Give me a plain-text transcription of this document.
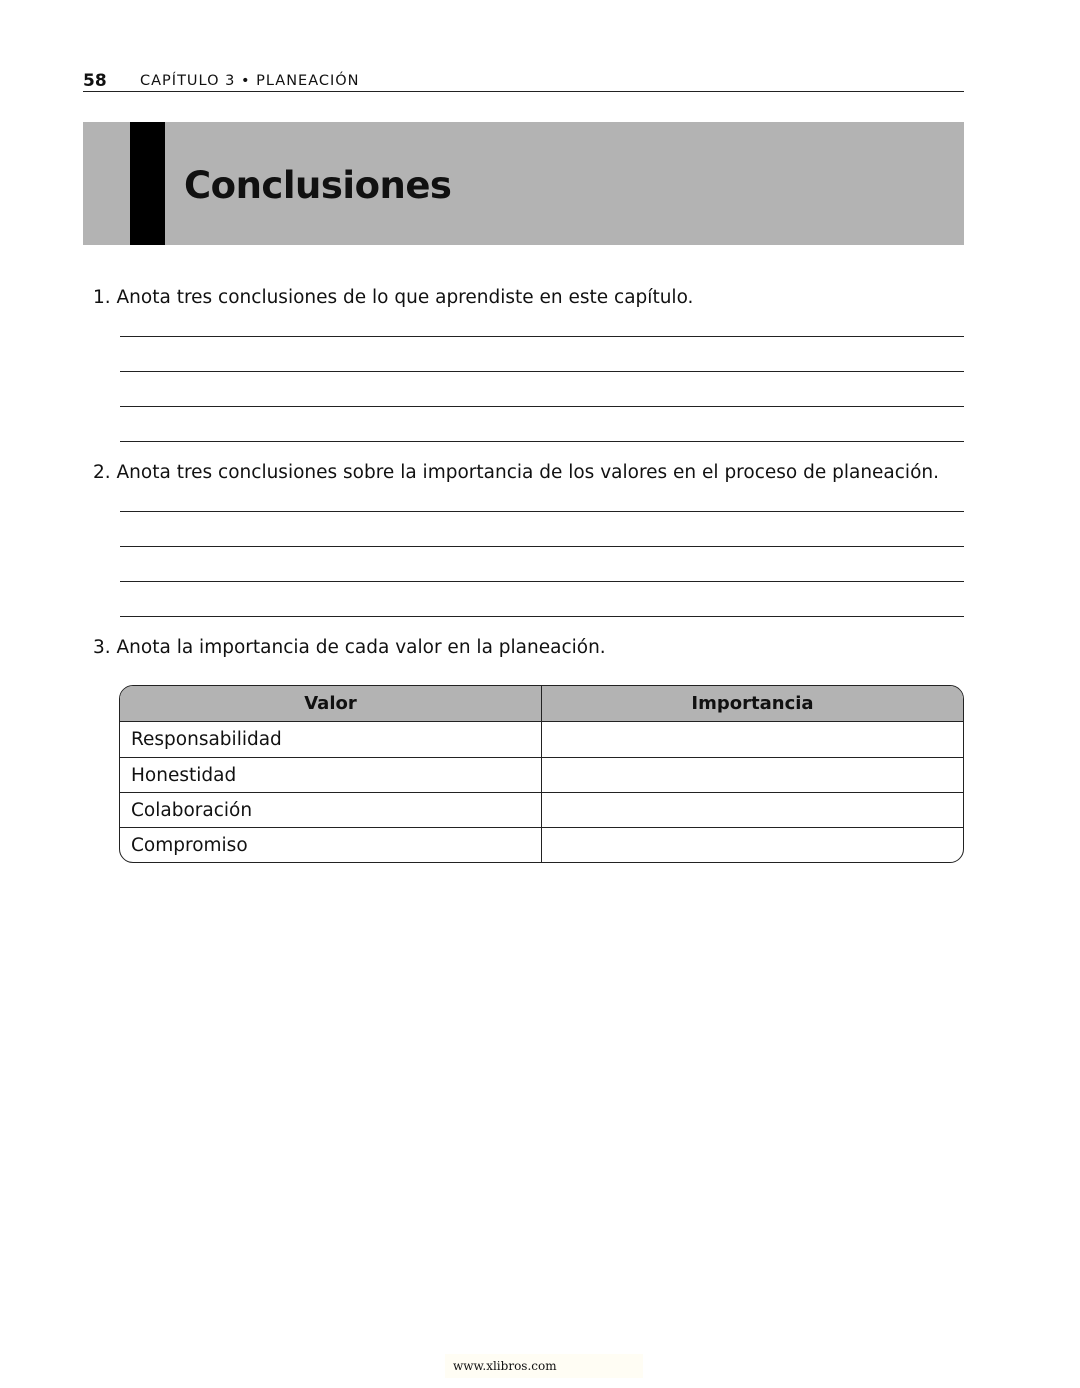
58 CAPÍTULO 3 • PLANEACIÓN
Conclusiones
1. Anota tres conclusiones de lo que aprendiste en este capítulo.
2. Anota tres conclusiones sobre la importancia de los valores en el proceso de planeación.
3. Anota la importancia de cada valor en la planeación.
Valor	Importancia
Responsabilidad	
Honestidad	
Colaboración	
Compromiso	
www.xlibros.com
